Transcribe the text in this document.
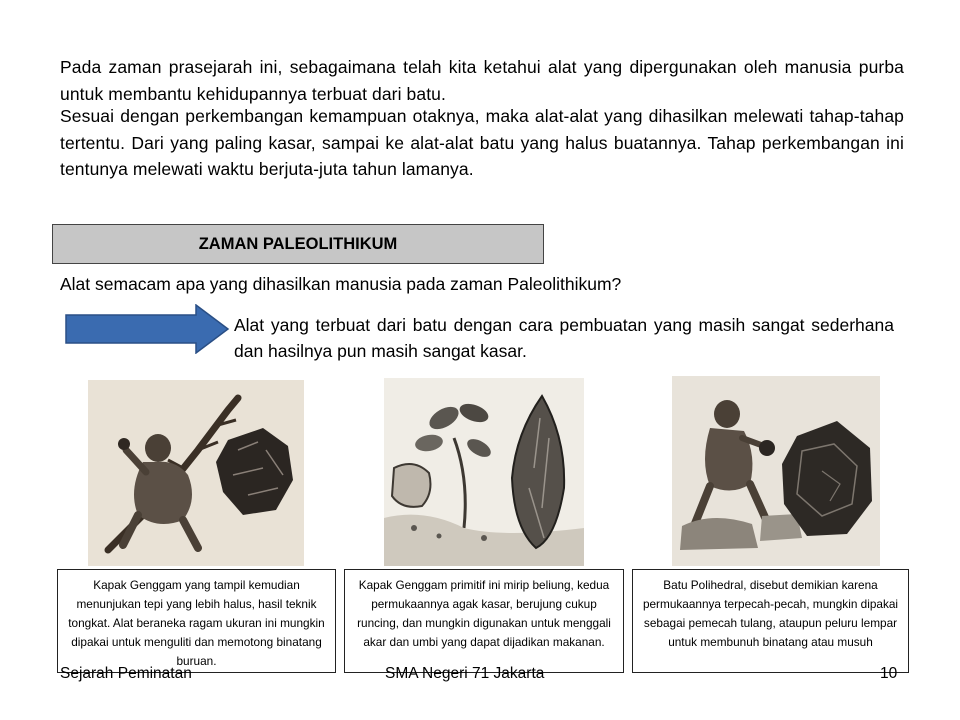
Pada zaman prasejarah ini, sebagaimana telah kita ketahui alat yang dipergunakan oleh manusia purba untuk membantu kehidupannya terbuat dari batu.
Sesuai dengan perkembangan kemampuan otaknya, maka alat-alat yang dihasilkan melewati tahap-tahap tertentu. Dari yang paling kasar, sampai ke alat-alat batu yang halus buatannya. Tahap perkembangan ini tentunya melewati waktu berjuta-juta tahun lamanya.
ZAMAN PALEOLITHIKUM
Alat semacam apa yang dihasilkan manusia pada zaman Paleolithikum?
Alat yang terbuat dari batu dengan cara pembuatan yang masih sangat sederhana dan hasilnya pun masih sangat kasar.
Kapak Genggam yang tampil kemudian menunjukan tepi yang lebih halus, hasil teknik tongkat. Alat beraneka ragam ukuran ini mungkin dipakai untuk menguliti dan memotong binatang buruan.
Kapak Genggam primitif ini mirip beliung, kedua permukaannya agak kasar, berujung cukup runcing, dan mungkin digunakan untuk menggali akar dan umbi yang dapat dijadikan makanan.
Batu Polihedral, disebut demikian karena permukaannya terpecah-pecah, mungkin dipakai sebagai pemecah tulang, ataupun peluru lempar untuk membunuh binatang atau musuh
Sejarah Peminatan	SMA Negeri 71 Jakarta	10
